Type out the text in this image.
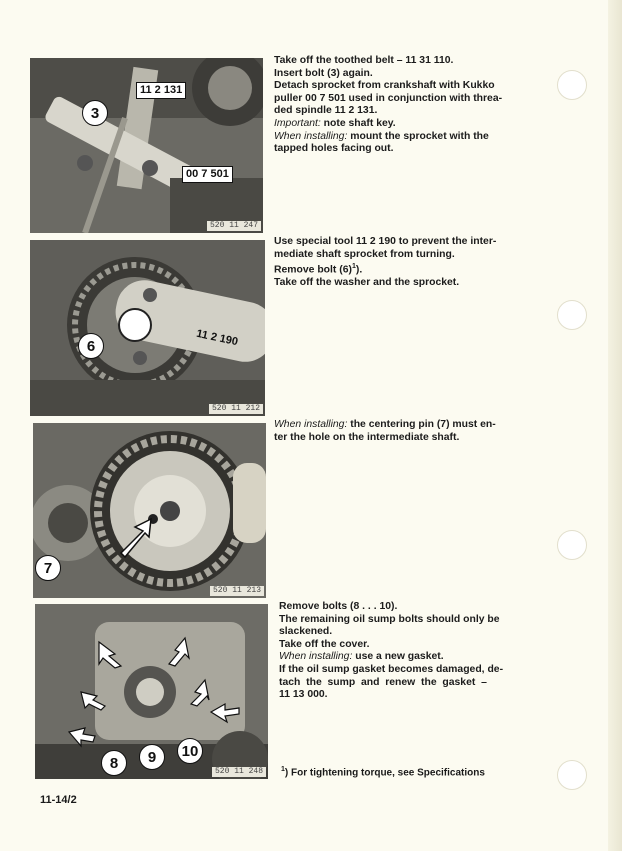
3
11 2 131
00 7 501
520 11 247
6	11 2 190
520 11 212
7
520 11 213
8	9	10
520 11 248
Take off the toothed belt – 11 31 110.
Insert bolt (3) again.
Detach sprocket from crankshaft with Kukko
puller 00 7 501 used in conjunction with threa-
ded spindle 11 2 131.
Important: note shaft key.
When installing: mount the sprocket with the
tapped holes facing out.
Use special tool 11 2 190 to prevent the inter-
mediate shaft sprocket from turning.
Remove bolt $(6)^1$).
Take off the washer and the sprocket.
When installing: the centering pin (7) must en-
ter the hole on the intermediate shaft.
Remove bolts (8 . . . 10).
The remaining oil sump bolts should only be
slackened.
Take off the cover.
When installing: use a new gasket.
If the oil sump gasket becomes damaged, de-
tach  the  sump  and  renew  the  gasket  –
11 13 000.
$^1$) For tightening torque, see Specifications
11-14/2
